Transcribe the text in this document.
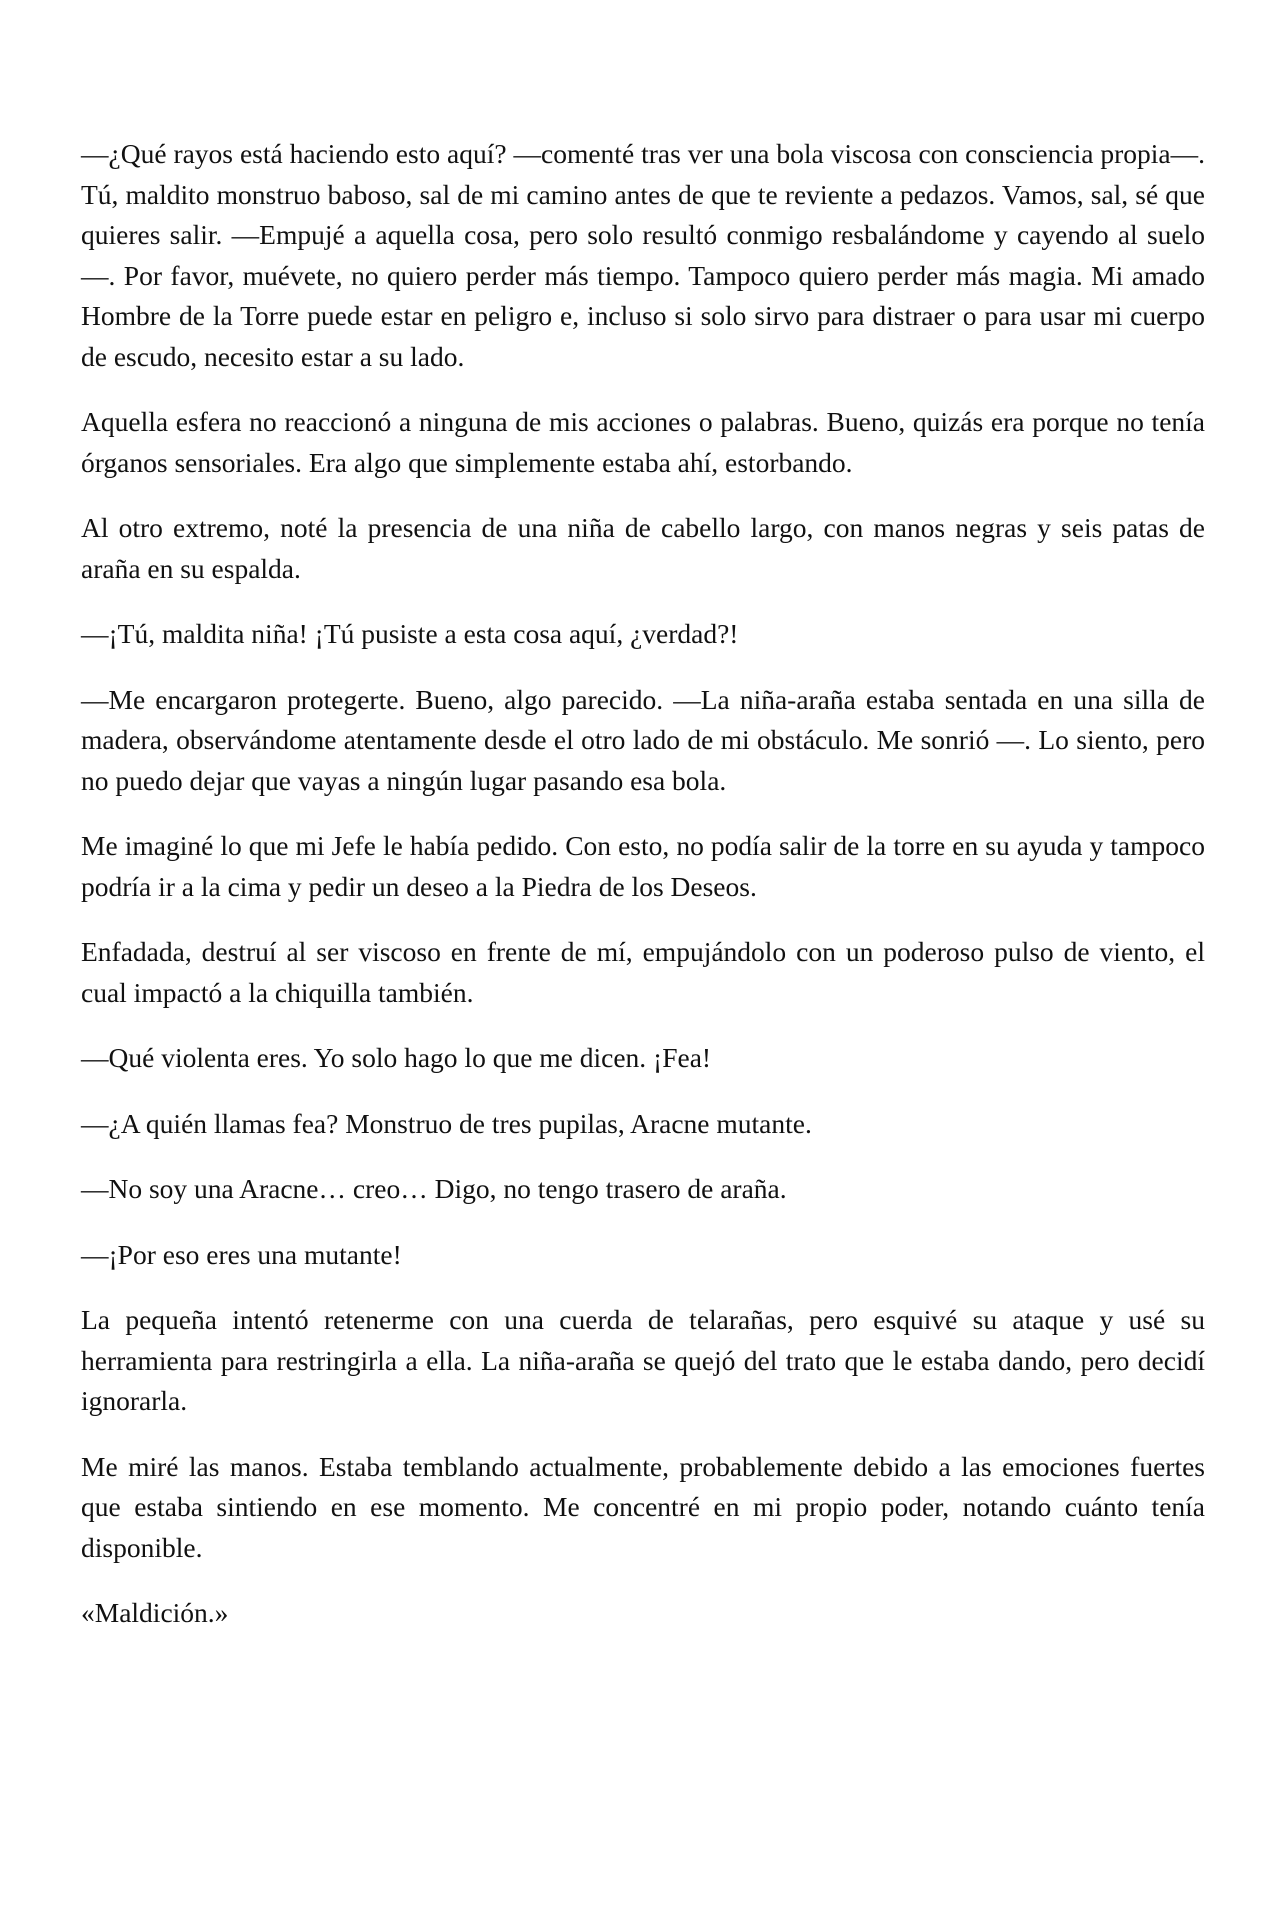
—¿Qué rayos está haciendo esto aquí? —comenté tras ver una bola viscosa con consciencia propia—. Tú, maldito monstruo baboso, sal de mi camino antes de que te reviente a pedazos. Vamos, sal, sé que quieres salir. —Empujé a aquella cosa, pero solo resultó conmigo resbalándome y cayendo al suelo—. Por favor, muévete, no quiero perder más tiempo. Tampoco quiero perder más magia. Mi amado Hombre de la Torre puede estar en peligro e, incluso si solo sirvo para distraer o para usar mi cuerpo de escudo, necesito estar a su lado.

Aquella esfera no reaccionó a ninguna de mis acciones o palabras. Bueno, quizás era porque no tenía órganos sensoriales. Era algo que simplemente estaba ahí, estorbando.

Al otro extremo, noté la presencia de una niña de cabello largo, con manos negras y seis patas de araña en su espalda.

—¡Tú, maldita niña! ¡Tú pusiste a esta cosa aquí, ¿verdad?!

—Me encargaron protegerte. Bueno, algo parecido. —La niña-araña estaba sentada en una silla de madera, observándome atentamente desde el otro lado de mi obstáculo. Me sonrió —. Lo siento, pero no puedo dejar que vayas a ningún lugar pasando esa bola.

Me imaginé lo que mi Jefe le había pedido. Con esto, no podía salir de la torre en su ayuda y tampoco podría ir a la cima y pedir un deseo a la Piedra de los Deseos.

Enfadada, destruí al ser viscoso en frente de mí, empujándolo con un poderoso pulso de viento, el cual impactó a la chiquilla también.

—Qué violenta eres. Yo solo hago lo que me dicen. ¡Fea!

—¿A quién llamas fea? Monstruo de tres pupilas, Aracne mutante.

—No soy una Aracne… creo… Digo, no tengo trasero de araña.

—¡Por eso eres una mutante!

La pequeña intentó retenerme con una cuerda de telarañas, pero esquivé su ataque y usé su herramienta para restringirla a ella. La niña-araña se quejó del trato que le estaba dando, pero decidí ignorarla.

Me miré las manos. Estaba temblando actualmente, probablemente debido a las emociones fuertes que estaba sintiendo en ese momento. Me concentré en mi propio poder, notando cuánto tenía disponible.

«Maldición.»
